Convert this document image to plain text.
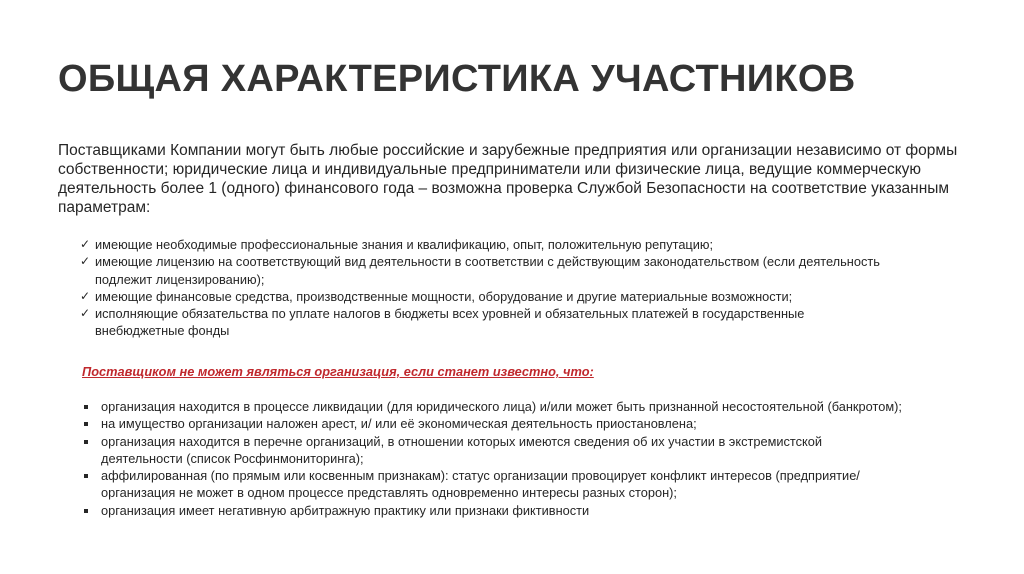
ОБЩАЯ ХАРАКТЕРИСТИКА УЧАСТНИКОВ
Поставщиками Компании могут быть любые российские и зарубежные предприятия или организации независимо от формы собственности; юридические лица и индивидуальные предприниматели или физические лица, ведущие коммерческую деятельность более 1 (одного) финансового года – возможна проверка Службой Безопасности на соответствие указанным параметрам:
✓ имеющие необходимые профессиональные знания и квалификацию, опыт, положительную репутацию;
✓ имеющие лицензию на соответствующий вид деятельности в соответствии с действующим законодательством (если деятельность подлежит лицензированию);
✓ имеющие финансовые средства, производственные мощности, оборудование и другие материальные возможности;
✓ исполняющие обязательства по уплате налогов в бюджеты всех уровней и обязательных платежей в государственные внебюджетные фонды
Поставщиком не может являться организация, если станет известно, что:
организация находится в процессе ликвидации (для юридического лица) и/или может быть признанной несостоятельной (банкротом);
на имущество организации наложен арест, и/ или её экономическая деятельность приостановлена;
организация находится в перечне организаций, в отношении которых имеются сведения об их участии в экстремистской деятельности (список Росфинмониторинга);
аффилированная (по прямым или косвенным признакам): статус организации провоцирует конфликт интересов (предприятие/ организация не может в одном процессе представлять одновременно интересы разных сторон);
организация имеет негативную арбитражную практику или признаки фиктивности
